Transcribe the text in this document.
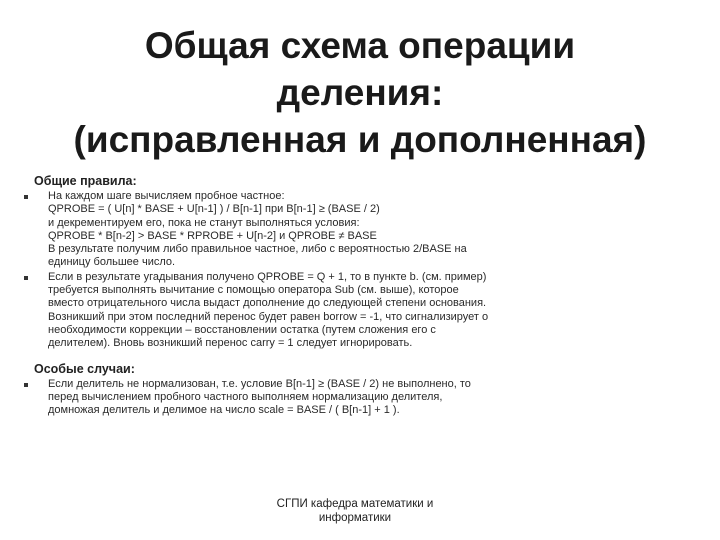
Общая схема операции
деления:
(исправленная и дополненная)
Общие правила:
На каждом шаге вычисляем пробное частное:
QPROBE = ( U[n] * BASE + U[n-1] ) / B[n-1] при B[n-1] ≥ (BASE / 2)
и декрементируем его, пока не станут выполняться условия:
QPROBE * B[n-2] > BASE * RPROBE + U[n-2] и QPROBE ≠ BASE
В результате получим либо правильное частное, либо с вероятностью 2/BASE на
единицу большее число.
Если в результате угадывания получено QPROBE = Q + 1, то в пункте b. (см. пример)
требуется выполнять вычитание с помощью оператора Sub (см. выше), которое
вместо отрицательного числа выдаст дополнение до следующей степени основания.
Возникший при этом последний перенос будет равен borrow = -1, что сигнализирует о
необходимости коррекции – восстановлении остатка (путем сложения его с
делителем). Вновь возникший перенос carry = 1 следует игнорировать.
Особые случаи:
Если делитель не нормализован, т.е. условие B[n-1] ≥ (BASE / 2) не выполнено, то
перед вычислением пробного частного выполняем нормализацию делителя,
домножая делитель и делимое на число scale = BASE / ( B[n-1] + 1 ).
СГПИ кафедра математики и
информатики
